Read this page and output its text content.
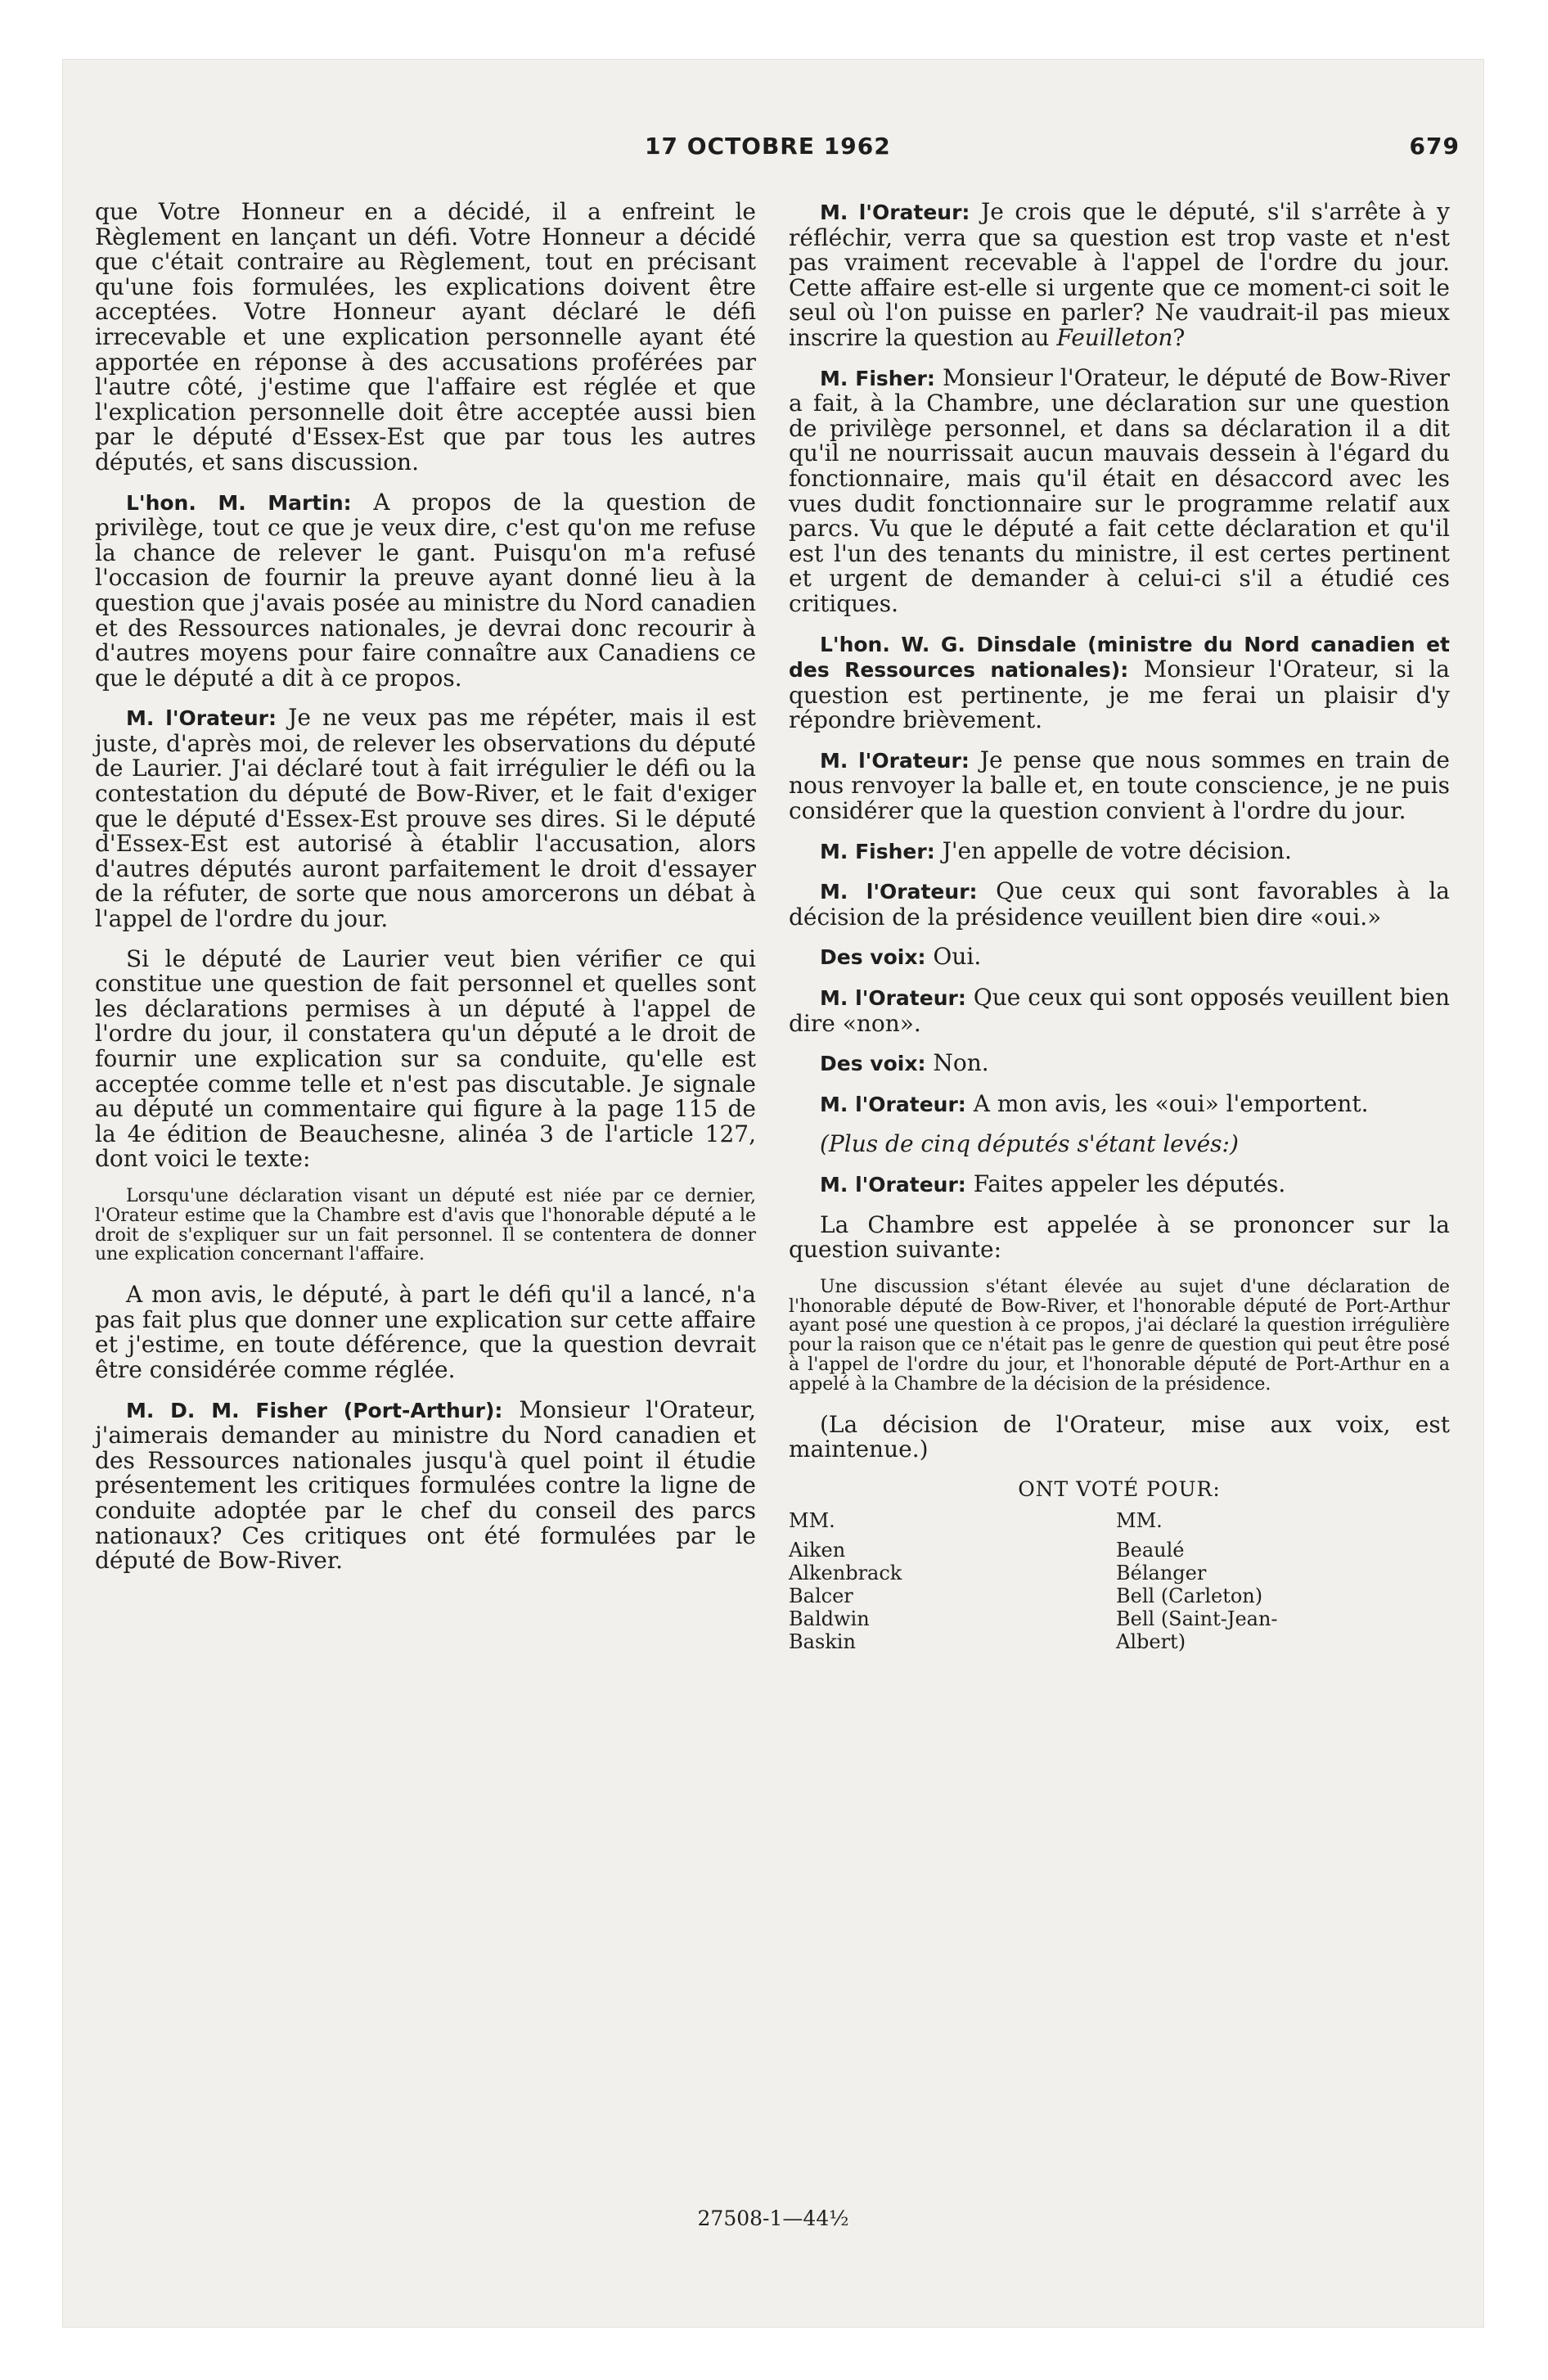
17 OCTOBRE 1962	679

que Votre Honneur en a décidé, il a enfreint le Règlement en lançant un défi. Votre Honneur a décidé que c'était contraire au Règlement, tout en précisant qu'une fois formulées, les explications doivent être acceptées. Votre Honneur ayant déclaré le défi irrecevable et une explication personnelle ayant été apportée en réponse à des accusations proférées par l'autre côté, j'estime que l'affaire est réglée et que l'explication personnelle doit être acceptée aussi bien par le député d'Essex-Est que par tous les autres députés, et sans discussion.

L'hon. M. Martin: A propos de la question de privilège, tout ce que je veux dire, c'est qu'on me refuse la chance de relever le gant. Puisqu'on m'a refusé l'occasion de fournir la preuve ayant donné lieu à la question que j'avais posée au ministre du Nord canadien et des Ressources nationales, je devrai donc recourir à d'autres moyens pour faire connaître aux Canadiens ce que le député a dit à ce propos.

M. l'Orateur: Je ne veux pas me répéter, mais il est juste, d'après moi, de relever les observations du député de Laurier. J'ai déclaré tout à fait irrégulier le défi ou la contestation du député de Bow-River, et le fait d'exiger que le député d'Essex-Est prouve ses dires. Si le député d'Essex-Est est autorisé à établir l'accusation, alors d'autres députés auront parfaitement le droit d'essayer de la réfuter, de sorte que nous amorcerons un débat à l'appel de l'ordre du jour.

Si le député de Laurier veut bien vérifier ce qui constitue une question de fait personnel et quelles sont les déclarations permises à un député à l'appel de l'ordre du jour, il constatera qu'un député a le droit de fournir une explication sur sa conduite, qu'elle est acceptée comme telle et n'est pas discutable. Je signale au député un commentaire qui figure à la page 115 de la 4e édition de Beauchesne, alinéa 3 de l'article 127, dont voici le texte:

Lorsqu'une déclaration visant un député est niée par ce dernier, l'Orateur estime que la Chambre est d'avis que l'honorable député a le droit de s'expliquer sur un fait personnel. Il se contentera de donner une explication concernant l'affaire.

A mon avis, le député, à part le défi qu'il a lancé, n'a pas fait plus que donner une explication sur cette affaire et j'estime, en toute déférence, que la question devrait être considérée comme réglée.

M. D. M. Fisher (Port-Arthur): Monsieur l'Orateur, j'aimerais demander au ministre du Nord canadien et des Ressources nationales jusqu'à quel point il étudie présentement les critiques formulées contre la ligne de conduite adoptée par le chef du conseil des parcs nationaux? Ces critiques ont été formulées par le député de Bow-River.

M. l'Orateur: Je crois que le député, s'il s'arrête à y réfléchir, verra que sa question est trop vaste et n'est pas vraiment recevable à l'appel de l'ordre du jour. Cette affaire est-elle si urgente que ce moment-ci soit le seul où l'on puisse en parler? Ne vaudrait-il pas mieux inscrire la question au Feuilleton?

M. Fisher: Monsieur l'Orateur, le député de Bow-River a fait, à la Chambre, une déclaration sur une question de privilège personnel, et dans sa déclaration il a dit qu'il ne nourrissait aucun mauvais dessein à l'égard du fonctionnaire, mais qu'il était en désaccord avec les vues dudit fonctionnaire sur le programme relatif aux parcs. Vu que le député a fait cette déclaration et qu'il est l'un des tenants du ministre, il est certes pertinent et urgent de demander à celui-ci s'il a étudié ces critiques.

L'hon. W. G. Dinsdale (ministre du Nord canadien et des Ressources nationales): Monsieur l'Orateur, si la question est pertinente, je me ferai un plaisir d'y répondre brièvement.

M. l'Orateur: Je pense que nous sommes en train de nous renvoyer la balle et, en toute conscience, je ne puis considérer que la question convient à l'ordre du jour.

M. Fisher: J'en appelle de votre décision.

M. l'Orateur: Que ceux qui sont favorables à la décision de la présidence veuillent bien dire «oui.»

Des voix: Oui.

M. l'Orateur: Que ceux qui sont opposés veuillent bien dire «non».

Des voix: Non.

M. l'Orateur: A mon avis, les «oui» l'emportent.

(Plus de cinq députés s'étant levés:)

M. l'Orateur: Faites appeler les députés.

La Chambre est appelée à se prononcer sur la question suivante:

Une discussion s'étant élevée au sujet d'une déclaration de l'honorable député de Bow-River, et l'honorable député de Port-Arthur ayant posé une question à ce propos, j'ai déclaré la question irrégulière pour la raison que ce n'était pas le genre de question qui peut être posé à l'appel de l'ordre du jour, et l'honorable député de Port-Arthur en a appelé à la Chambre de la décision de la présidence.

(La décision de l'Orateur, mise aux voix, est maintenue.)

ONT VOTÉ POUR:
MM.
Aiken
Alkenbrack
Balcer
Baldwin
Baskin
MM.
Beaulé
Bélanger
Bell (Carleton)
Bell (Saint-Jean-
Albert)
27508-1—44½
